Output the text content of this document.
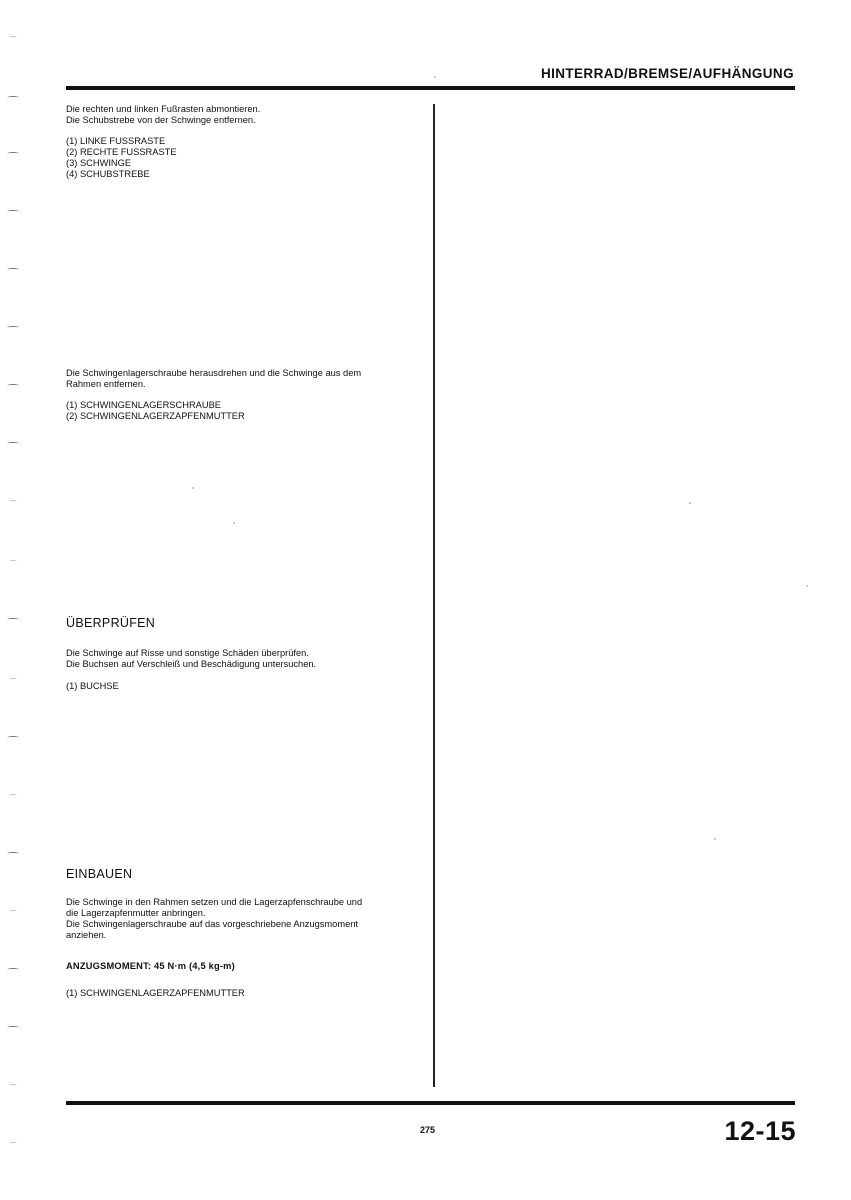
HINTERRAD/BREMSE/AUFHÄNGUNG

Die rechten und linken Fußrasten abmontieren.

Die Schubstrebe von der Schwinge entfernen.

(1) LINKE FUSSRASTE

(2) RECHTE FUSSRASTE

(3) SCHWINGE

(4) SCHUBSTREBE

Die Schwingenlagerschraube herausdrehen und die Schwinge aus dem

Rahmen entfernen.

(1) SCHWINGENLAGERSCHRAUBE

(2) SCHWINGENLAGERZAPFENMUTTER

ÜBERPRÜFEN

Die Schwinge auf Risse und sonstige Schäden überprüfen.

Die Buchsen auf Verschleiß und Beschädigung untersuchen.

(1) BUCHSE

EINBAUEN

Die Schwinge in den Rahmen setzen und die Lagerzapfenschraube und

die Lagerzapfenmutter anbringen.

Die Schwingenlagerschraube auf das vorgeschriebene Anzugsmoment

anziehen.

ANZUGSMOMENT: 45 N·m (4,5 kg-m)

(1) SCHWINGENLAGERZAPFENMUTTER

275	12-15
